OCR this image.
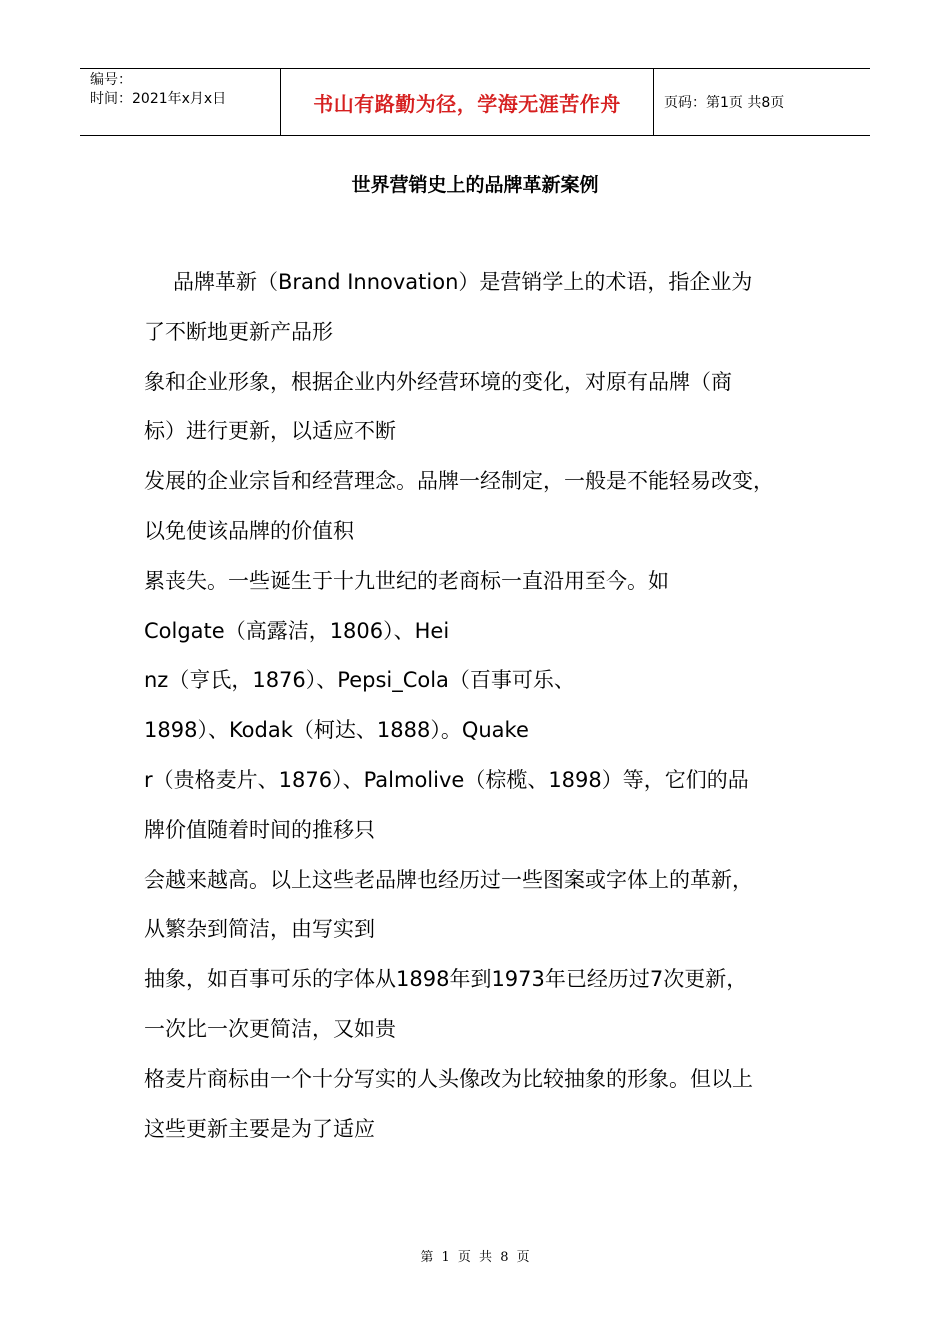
编号：
时间：2021年x月x日	书山有路勤为径，学海无涯苦作舟	页码：第1页 共8页
世界营销史上的品牌革新案例
品牌革新（Brand Innovation）是营销学上的术语，指企业为
了不断地更新产品形
象和企业形象，根据企业内外经营环境的变化，对原有品牌（商
标）进行更新，以适应不断
发展的企业宗旨和经营理念。品牌一经制定，一般是不能轻易改变，
以免使该品牌的价值积
累丧失。一些诞生于十九世纪的老商标一直沿用至今。如
Colgate（高露洁，1806）、Hei
nz（亨氏，1876）、Pepsi_Cola（百事可乐、
1898）、Kodak（柯达、1888）。Quake
r（贵格麦片、1876）、Palmolive（棕榄、1898）等，它们的品
牌价值随着时间的推移只
会越来越高。以上这些老品牌也经历过一些图案或字体上的革新，
从繁杂到简洁，由写实到
抽象，如百事可乐的字体从1898年到1973年已经历过7次更新，
一次比一次更简洁，又如贵
格麦片商标由一个十分写实的人头像改为比较抽象的形象。但以上
这些更新主要是为了适应
第 1 页 共 8 页
